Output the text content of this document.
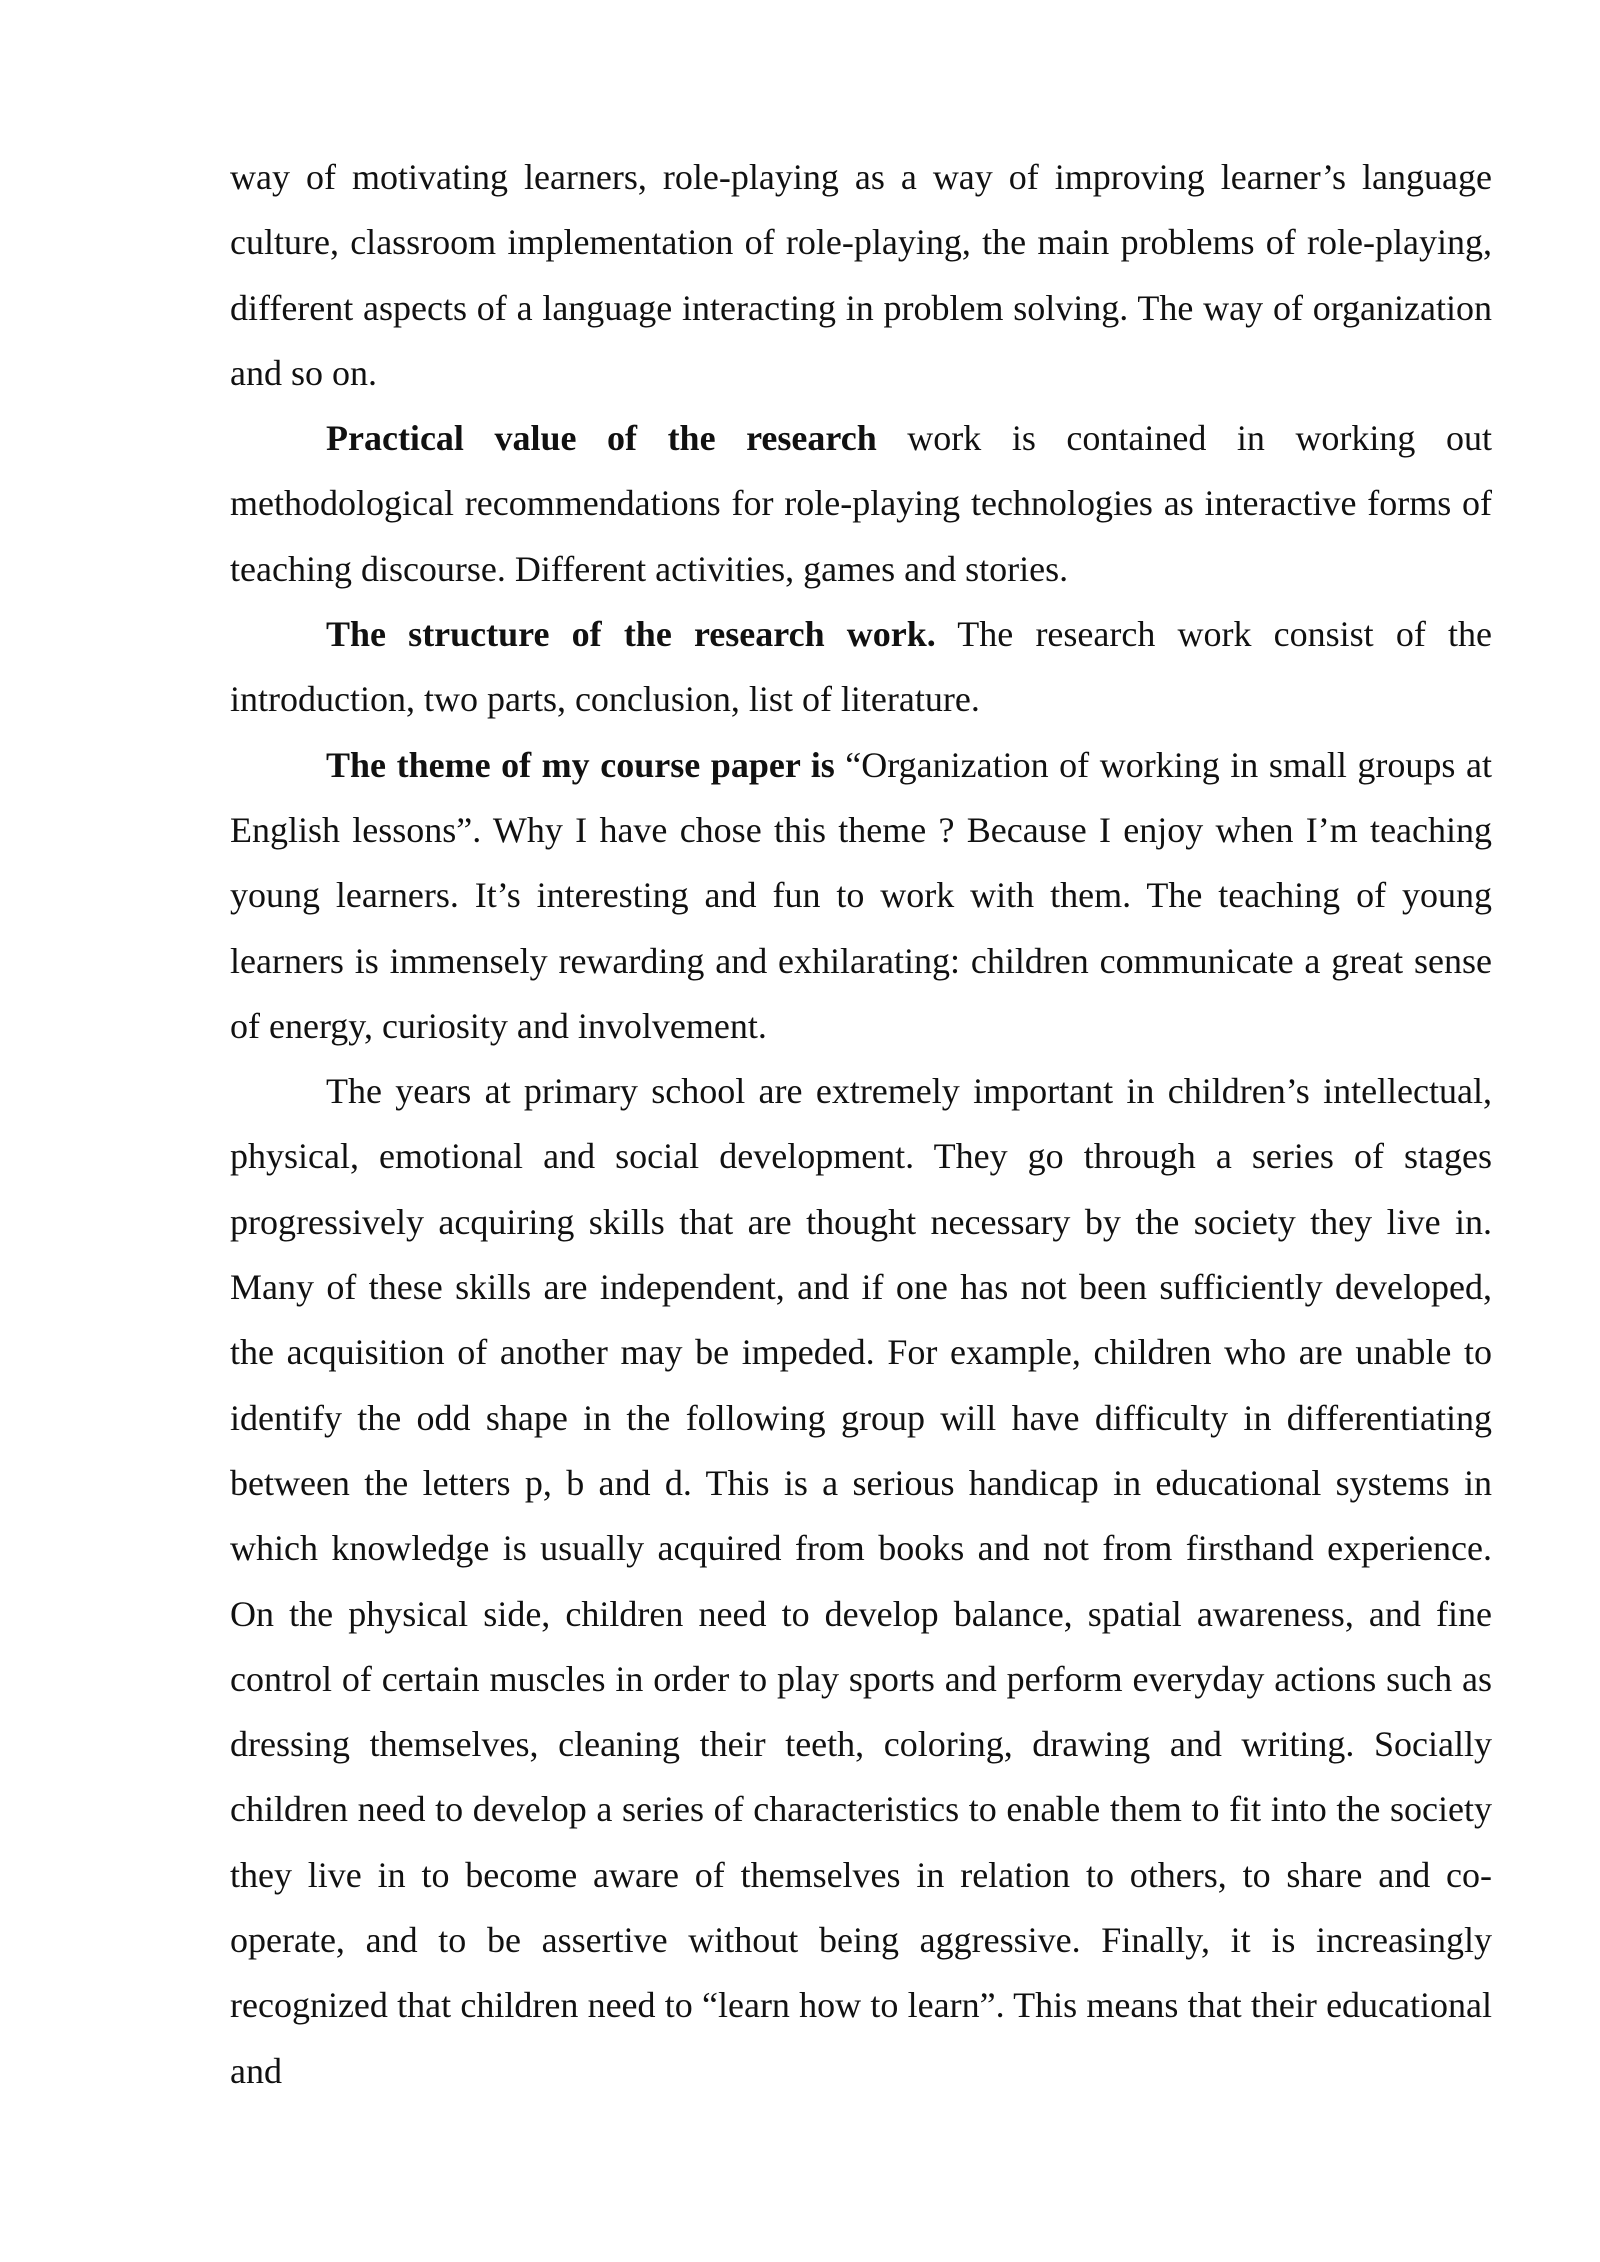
way of motivating learners, role-playing as a way of improving learner’s language culture, classroom implementation of role-playing, the main problems of role-playing, different aspects of a language interacting in problem solving. The way of organization and so on.

Practical value of the research work is contained in working out methodological recommendations for role-playing technologies as interactive forms of teaching discourse. Different activities, games and stories.

The structure of the research work. The research work consist of the introduction, two parts, conclusion, list of literature.

The theme of my course paper is “Organization of working in small groups at English lessons”. Why I have chose this theme ? Because I enjoy when I’m teaching young learners. It’s interesting and fun to work with them. The teaching of young learners is immensely rewarding and exhilarating: children communicate a great sense of energy, curiosity and involvement.

The years at primary school are extremely important in children’s intellectual, physical, emotional and social development. They go through a series of stages progressively acquiring skills that are thought necessary by the society they live in. Many of these skills are independent, and if one has not been sufficiently developed, the acquisition of another may be impeded. For example, children who are unable to identify the odd shape in the following group will have difficulty in differentiating between the letters p, b and d. This is a serious handicap in educational systems in which knowledge is usually acquired from books and not from firsthand experience. On the physical side, children need to develop balance, spatial awareness, and fine control of certain muscles in order to play sports and perform everyday actions such as dressing themselves, cleaning their teeth, coloring, drawing and writing. Socially children need to develop a series of characteristics to enable them to fit into the society they live in to become aware of themselves in relation to others, to share and co-operate, and to be assertive without being aggressive. Finally, it is increasingly recognized that children need to “learn how to learn”. This means that their educational and
